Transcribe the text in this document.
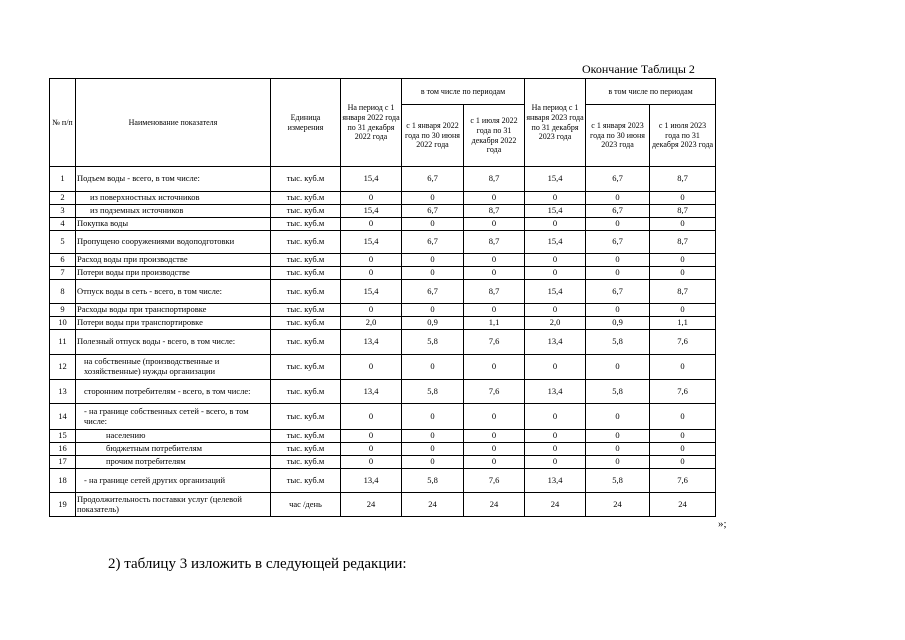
Окончание Таблицы 2
№ п/п	Наименование показателя	Единица измерения	На период с 1 января 2022 года по 31 декабря 2022 года	в том числе по периодам		На период с 1 января 2023 года по 31 декабря 2023 года	в том числе по периодам	
				с 1 января 2022 года по 30 июня 2022 года	с 1 июля 2022 года по 31 декабря 2022 года		с 1 января 2023 года по 30 июня 2023 года	с 1 июля 2023 года по 31 декабря 2023 года
1	Подъем воды - всего, в том числе:	тыс. куб.м	15,4	6,7	8,7	15,4	6,7	8,7
2	из поверхностных источников	тыс. куб.м	0	0	0	0	0	0
3	из подземных источников	тыс. куб.м	15,4	6,7	8,7	15,4	6,7	8,7
4	Покупка воды	тыс. куб.м	0	0	0	0	0	0
5	Пропущено сооружениями водоподготовки	тыс. куб.м	15,4	6,7	8,7	15,4	6,7	8,7
6	Расход воды при производстве	тыс. куб.м	0	0	0	0	0	0
7	Потери воды при производстве	тыс. куб.м	0	0	0	0	0	0
8	Отпуск воды в сеть - всего, в том числе:	тыс. куб.м	15,4	6,7	8,7	15,4	6,7	8,7
9	Расходы воды при транспортировке	тыс. куб.м	0	0	0	0	0	0
10	Потери воды при транспортировке	тыс. куб.м	2,0	0,9	1,1	2,0	0,9	1,1
11	Полезный отпуск воды - всего, в том числе:	тыс. куб.м	13,4	5,8	7,6	13,4	5,8	7,6
12	на собственные (производственные и хозяйственные) нужды организации	тыс. куб.м	0	0	0	0	0	0
13	сторонним потребителям - всего, в том числе:	тыс. куб.м	13,4	5,8	7,6	13,4	5,8	7,6
14	- на границе собственных сетей - всего, в том числе:	тыс. куб.м	0	0	0	0	0	0
15	населению	тыс. куб.м	0	0	0	0	0	0
16	бюджетным потребителям	тыс. куб.м	0	0	0	0	0	0
17	прочим потребителям	тыс. куб.м	0	0	0	0	0	0
18	- на границе сетей других организаций	тыс. куб.м	13,4	5,8	7,6	13,4	5,8	7,6
19	Продолжительность поставки услуг (целевой показатель)	час /день	24	24	24	24	24	24
»;
2) таблицу 3 изложить в следующей редакции:
